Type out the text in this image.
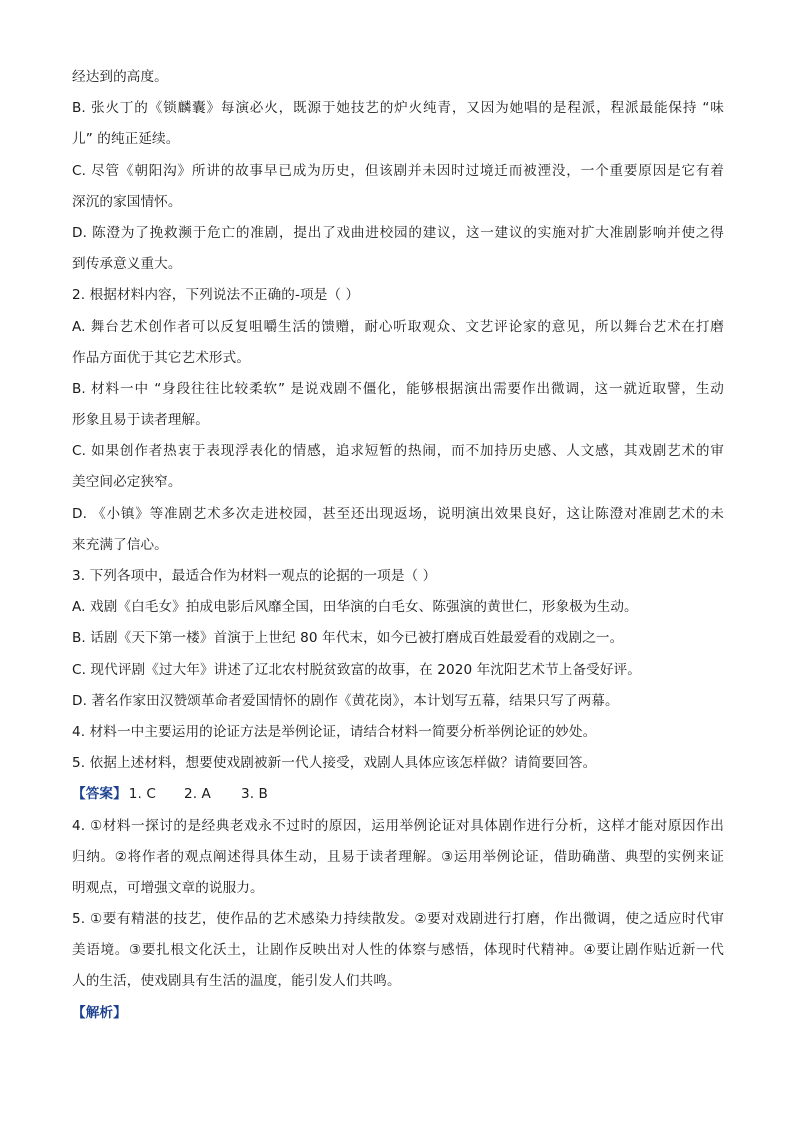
经达到的高度。
B. 张火丁的《锁麟囊》每演必火，既源于她技艺的炉火纯青，又因为她唱的是程派，程派最能保持 “味
儿” 的纯正延续。
C. 尽管《朝阳沟》所讲的故事早已成为历史，但该剧并未因时过境迁而被湮没，一个重要原因是它有着
深沉的家国情怀。
D. 陈澄为了挽救濒于危亡的准剧，提出了戏曲进校园的建议，这一建议的实施对扩大准剧影响并使之得
到传承意义重大。
2. 根据材料内容，下列说法不正确的-项是（ ）
A. 舞台艺术创作者可以反复咀嚼生活的馈赠，耐心听取观众、文艺评论家的意见，所以舞台艺术在打磨
作品方面优于其它艺术形式。
B. 材料一中 “身段往往比较柔软” 是说戏剧不僵化，能够根据演出需要作出微调，这一就近取譬，生动
形象且易于读者理解。
C. 如果创作者热衷于表现浮表化的情感，追求短暂的热闹，而不加持历史感、人文感，其戏剧艺术的审
美空间必定狭窄。
D. 《小镇》等准剧艺术多次走进校园，甚至还出现返场，说明演出效果良好，这让陈澄对准剧艺术的未
来充满了信心。
3. 下列各项中，最适合作为材料一观点的论据的一项是（ ）
A. 戏剧《白毛女》拍成电影后风靡全国，田华演的白毛女、陈强演的黄世仁，形象极为生动。
B. 话剧《天下第一楼》首演于上世纪 80 年代末，如今已被打磨成百姓最爱看的戏剧之一。
C. 现代评剧《过大年》讲述了辽北农村脱贫致富的故事，在 2020 年沈阳艺术节上备受好评。
D. 著名作家田汉赞颂革命者爱国情怀的剧作《黄花岗》，本计划写五幕，结果只写了两幕。
4. 材料一中主要运用的论证方法是举例论证，请结合材料一简要分析举例论证的妙处。
5. 依据上述材料，想要使戏剧被新一代人接受，戏剧人具体应该怎样做？请简要回答。
【答案】 1. C 2. A 3. B
4. ①材料一探讨的是经典老戏永不过时的原因，运用举例论证对具体剧作进行分析，这样才能对原因作出
归纳。②将作者的观点阐述得具体生动，且易于读者理解。③运用举例论证，借助确凿、典型的实例来证
明观点，可增强文章的说服力。
5. ①要有精湛的技艺，使作品的艺术感染力持续散发。②要对戏剧进行打磨，作出微调，使之适应时代审
美语境。③要扎根文化沃土，让剧作反映出对人性的体察与感悟，体现时代精神。④要让剧作贴近新一代
人的生活，使戏剧具有生活的温度，能引发人们共鸣。
【解析】
